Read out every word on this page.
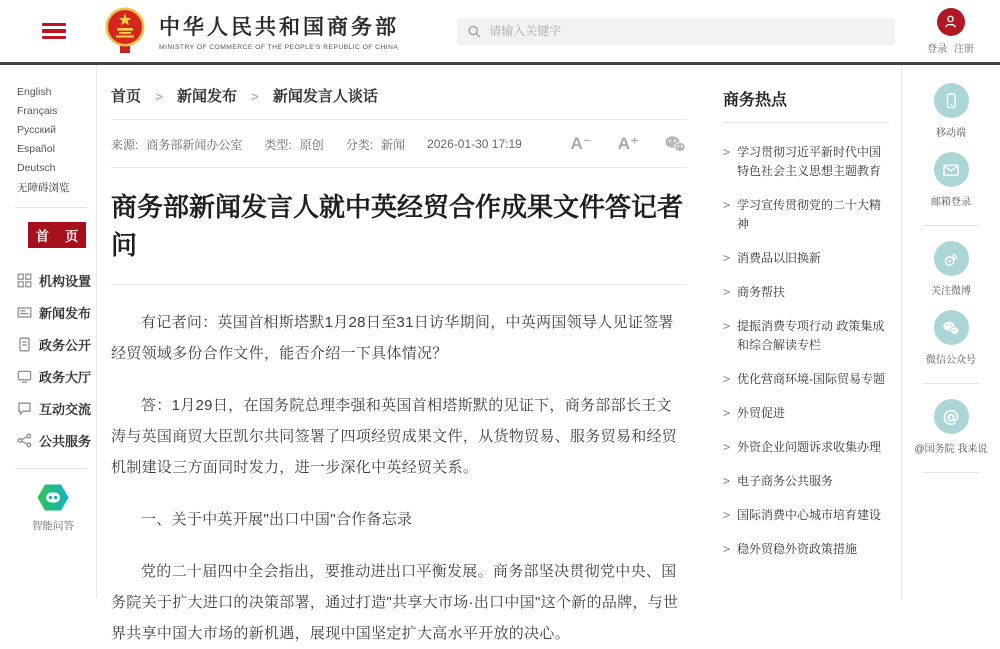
中华人民共和国商务部
MINISTRY OF COMMERCE OF THE PEOPLE'S REPUBLIC OF CHINA
请输入关键字	登录 注册
EnglishFrançaisРусскийEspañolDeutsch
无障碍浏览
首 页
机构设置
新闻发布
政务公开
政务大厅
互动交流
公共服务
智能问答
首页 > 新闻发布 > 新闻发言人谈话
来源: 商务部新闻办公室 类型: 原创 分类: 新闻 2026-01-30 17:19	A⁻ A⁺
商务部新闻发言人就中英经贸合作成果文件答记者问

有记者问：英国首相斯塔默1月28日至31日访华期间，中英两国领导人见证签署经贸领域多份合作文件，能否介绍一下具体情况？

答：1月29日，在国务院总理李强和英国首相塔斯默的见证下，商务部部长王文涛与英国商贸大臣凯尔共同签署了四项经贸成果文件，从货物贸易、服务贸易和经贸机制建设三方面同时发力，进一步深化中英经贸关系。

一、关于中英开展"出口中国"合作备忘录

党的二十届四中全会指出，要推动进出口平衡发展。商务部坚决贯彻党中央、国务院关于扩大进口的决策部署，通过打造"共享大市场·出口中国"这个新的品牌，与世界共享中国大市场的新机遇，展现中国坚定扩大高水平开放的决心。

商务热点
> 学习贯彻习近平新时代中国特色社会主义思想主题教育
> 学习宣传贯彻党的二十大精神
> 消费品以旧换新
> 商务帮扶
> 提振消费专项行动 政策集成和综合解读专栏
> 优化营商环境-国际贸易专题
> 外贸促进
> 外资企业问题诉求收集办理
> 电子商务公共服务
> 国际消费中心城市培育建设
> 稳外贸稳外资政策措施
移动端
邮箱登录
关注微博
微信公众号
@
@国务院 我来说
